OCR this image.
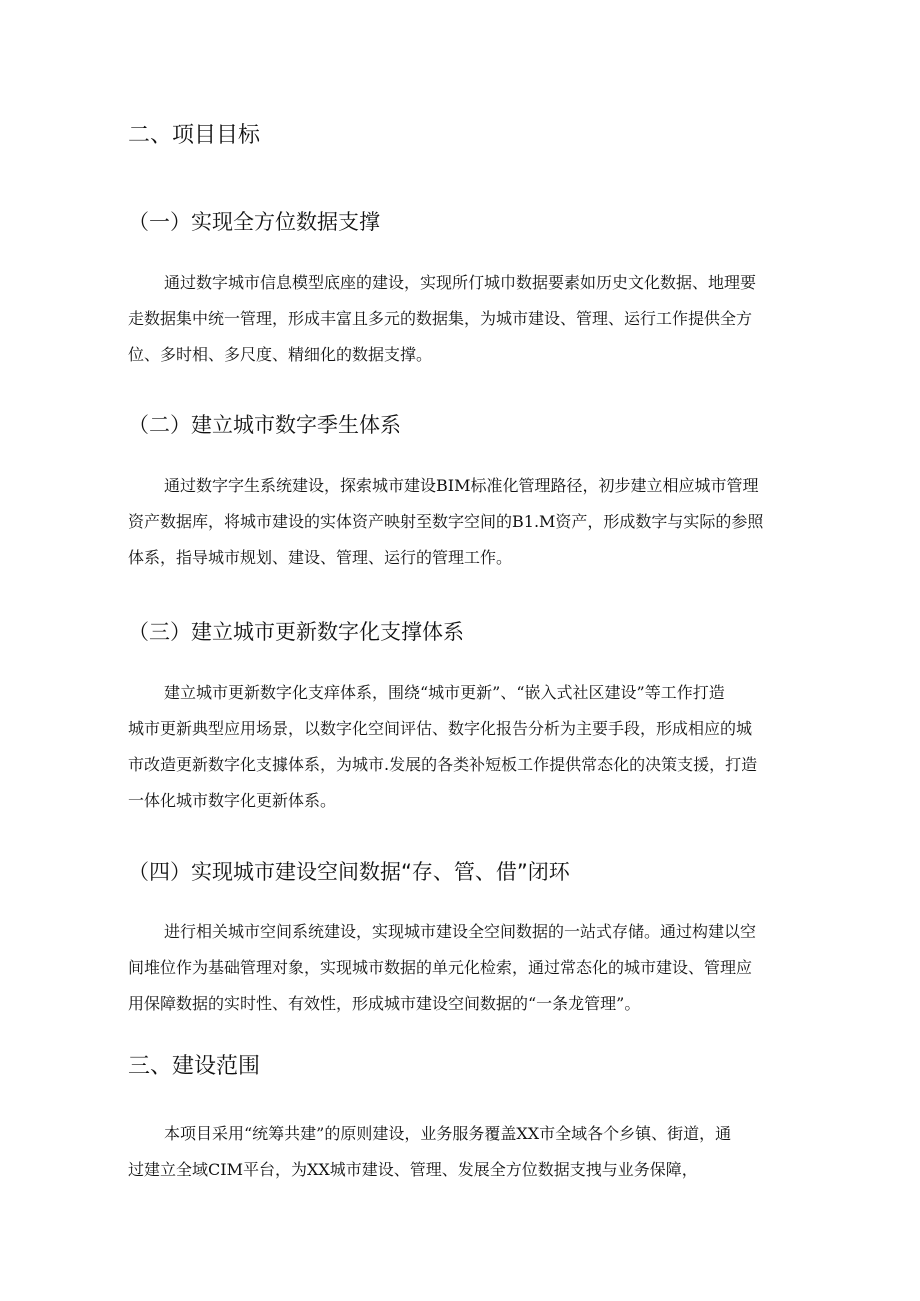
二、项目目标
（一）实现全方位数据支撑
通过数字城市信息模型底座的建设，实现所仃城巾数据要素如历史文化数据、地理要
走数据集中统一管理，形成丰富且多元的数据集，为城市建设、管理、运行工作提供全方
位、多时相、多尺度、精细化的数据支撑。
（二）建立城市数字季生体系
通过数字字生系统建设，探索城市建设BIM标准化管理路径，初步建立相应城市管理
资产数据库，将城市建设的实体资产映射至数字空间的B1.M资产，形成数字与实际的参照
体系，指导城市规划、建设、管理、运行的管理工作。
（三）建立城市更新数字化支撑体系
建立城市更新数字化支痒体系，围绕“城市更新”、“嵌入式社区建设”等工作打造
城市更新典型应用场景，以数字化空间评估、数字化报告分析为主要手段，形成相应的城
市改造更新数字化支據体系，为城市.发展的各类补短板工作提供常态化的决策支援，打造
一体化城市数字化更新体系。
（四）实现城市建设空间数据“存、管、借”闭环
进行相关城市空间系统建设，实现城市建设全空间数据的一站式存储。通过构建以空
间堆位作为基础管理对象，实现城市数据的单元化检索，通过常态化的城市建设、管理应
用保障数据的实时性、有效性，形成城市建设空间数据的“一条龙管理”。
三、建设范围
本项目采用“统筹共建”的原则建设，业务服务覆盖XX市全域各个乡镇、街道，通
过建立全域CIM平台，为XX城市建设、管理、发展全方位数据支拽与业务保障，
